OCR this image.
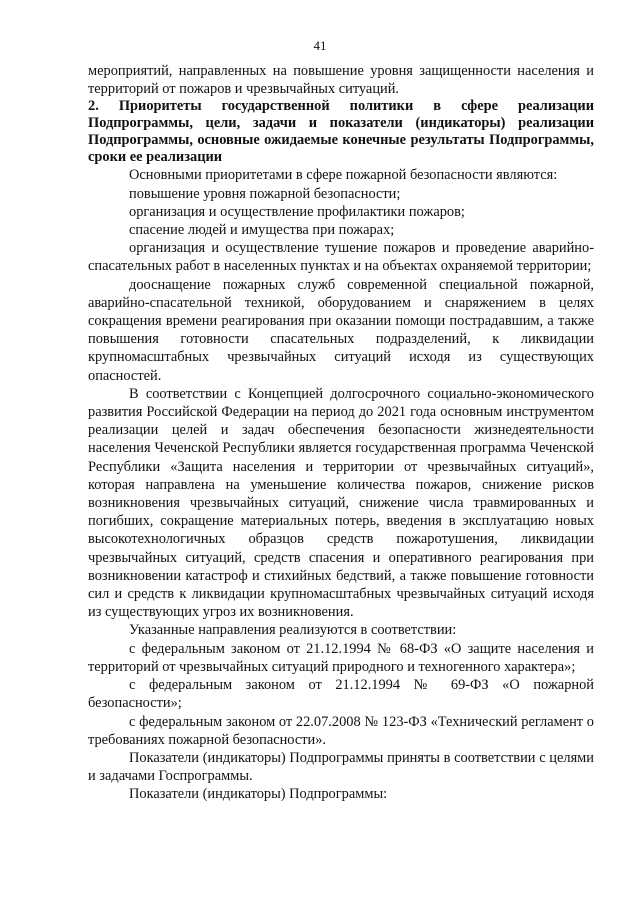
41

мероприятий, направленных на повышение уровня защищенности населения и территорий от пожаров и чрезвычайных ситуаций.

2. Приоритеты государственной политики в сфере реализации Подпрограммы, цели, задачи и показатели (индикаторы) реализации Подпрограммы, основные ожидаемые конечные результаты Подпрограммы, сроки ее реализации

Основными приоритетами в сфере пожарной безопасности являются:

повышение уровня пожарной безопасности;

организация и осуществление профилактики пожаров;

спасение людей и имущества при пожарах;

организация и осуществление тушение пожаров и проведение аварийно-спасательных работ в населенных пунктах и на объектах охраняемой территории;

дооснащение пожарных служб современной специальной пожарной, аварийно-спасательной техникой, оборудованием и снаряжением в целях сокращения времени реагирования при оказании помощи пострадавшим, а также повышения готовности спасательных подразделений, к ликвидации крупномасштабных чрезвычайных ситуаций исходя из существующих опасностей.

В соответствии с Концепцией долгосрочного социально-экономического развития Российской Федерации на период до 2021 года основным инструментом реализации целей и задач обеспечения безопасности жизнедеятельности населения Чеченской Республики является государственная программа Чеченской Республики «Защита населения и территории от чрезвычайных ситуаций», которая направлена на уменьшение количества пожаров, снижение рисков возникновения чрезвычайных ситуаций, снижение числа травмированных и погибших, сокращение материальных потерь, введения в эксплуатацию новых высокотехнологичных образцов средств пожаротушения, ликвидации чрезвычайных ситуаций, средств спасения и оперативного реагирования при возникновении катастроф и стихийных бедствий, а также повышение готовности сил и средств к ликвидации крупномасштабных чрезвычайных ситуаций исходя из существующих угроз их возникновения.

Указанные направления реализуются в соответствии:

с федеральным законом от 21.12.1994 № 68-ФЗ «О защите населения и территорий от чрезвычайных ситуаций природного и техногенного характера»;

с федеральным законом от 21.12.1994 № 69-ФЗ «О пожарной безопасности»;

с федеральным законом от 22.07.2008 № 123-ФЗ «Технический регламент о требованиях пожарной безопасности».

Показатели (индикаторы) Подпрограммы приняты в соответствии с целями и задачами Госпрограммы.

Показатели (индикаторы) Подпрограммы:
